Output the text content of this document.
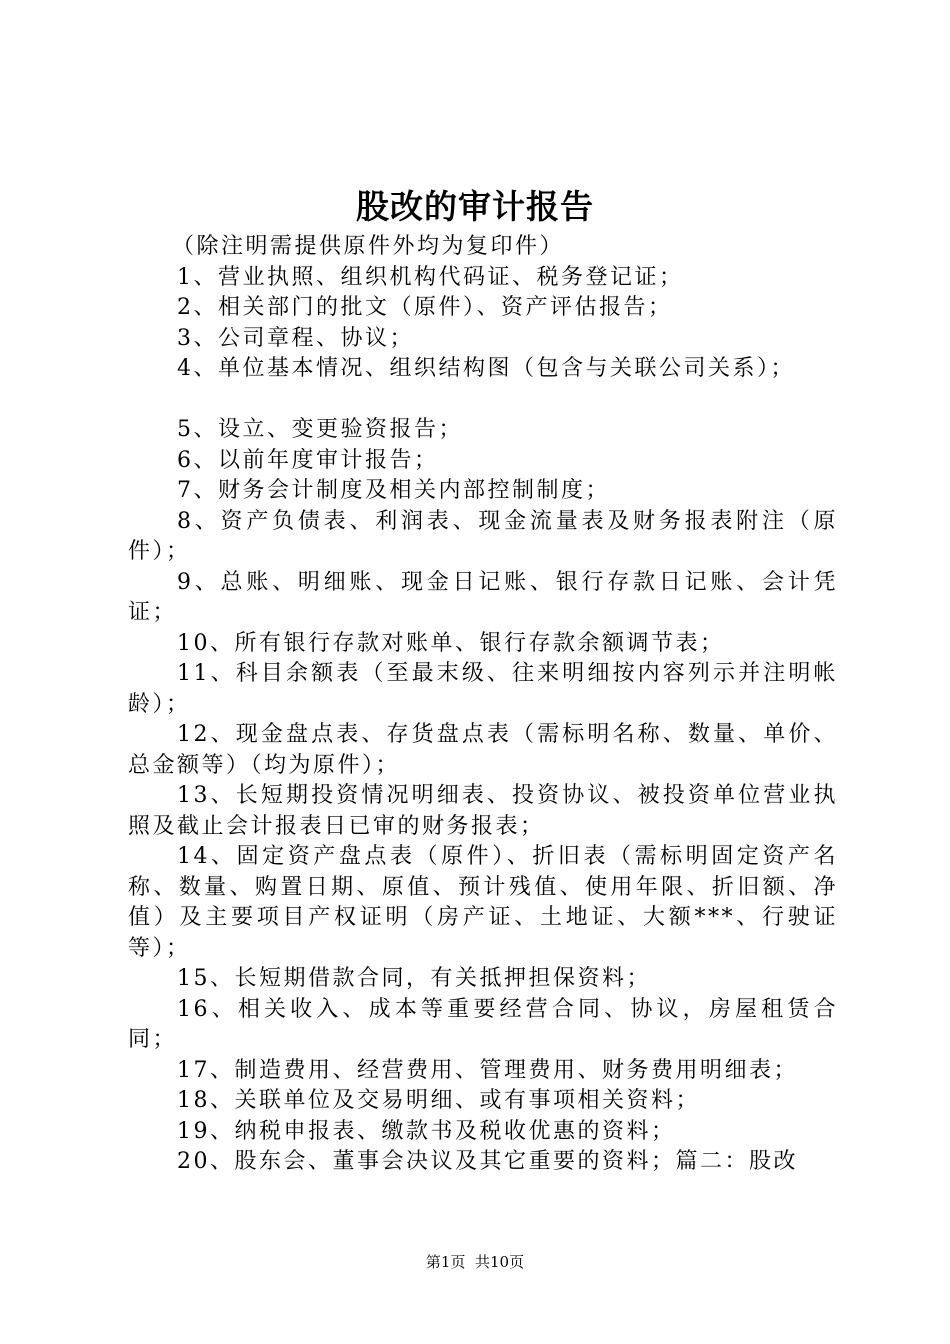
股改的审计报告

（除注明需提供原件外均为复印件）

1、营业执照、组织机构代码证、税务登记证；

2、相关部门的批文（原件）、资产评估报告；

3、公司章程、协议；

4、单位基本情况、组织结构图（包含与关联公司关系）；

5、设立、变更验资报告；

6、以前年度审计报告；

7、财务会计制度及相关内部控制制度；

8、资产负债表、利润表、现金流量表及财务报表附注（原件）；

9、总账、明细账、现金日记账、银行存款日记账、会计凭证；

10、所有银行存款对账单、银行存款余额调节表；

11、科目余额表（至最末级、往来明细按内容列示并注明帐龄）；

12、现金盘点表、存货盘点表（需标明名称、数量、单价、总金额等）（均为原件）；

13、长短期投资情况明细表、投资协议、被投资单位营业执照及截止会计报表日已审的财务报表；

14、固定资产盘点表（原件）、折旧表（需标明固定资产名称、数量、购置日期、原值、预计残值、使用年限、折旧额、净值）及主要项目产权证明（房产证、土地证、大额***、行驶证等）；

15、长短期借款合同，有关抵押担保资料；

16、相关收入、成本等重要经营合同、协议，房屋租赁合同；

17、制造费用、经营费用、管理费用、财务费用明细表；

18、关联单位及交易明细、或有事项相关资料；

19、纳税申报表、缴款书及税收优惠的资料；

20、股东会、董事会决议及其它重要的资料；篇二：股改

第1页  共10页
